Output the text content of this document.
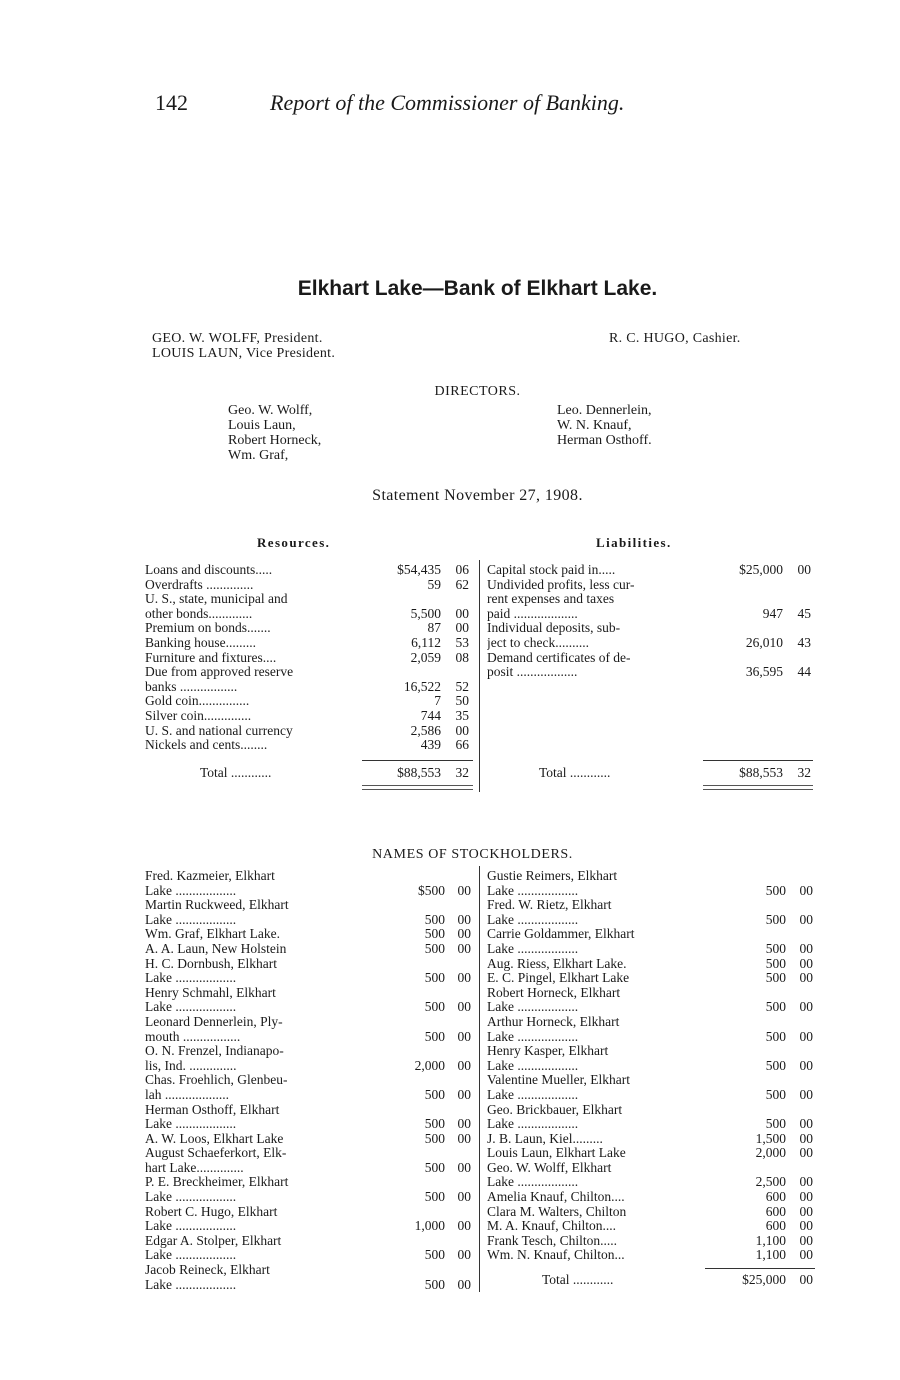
142	Report of the Commissioner of Banking.
Elkhart Lake—Bank of Elkhart Lake.
GEO. W. WOLFF, President.
LOUIS LAUN, Vice President.
R. C. HUGO, Cashier.
DIRECTORS.
Geo. W. Wolff,
Louis Laun,
Robert Horneck,
Wm. Graf,
Leo. Dennerlein,
W. N. Knauf,
Herman Osthoff.
Statement November 27, 1908.
Resources.	Liabilities.
Loans and discounts.....	$54,435	06
Overdrafts ..............	59	62
U. S., state, municipal and
other bonds.............	5,500	00
Premium on bonds.......	87	00
Banking house.........	6,112	53
Furniture and fixtures....	2,059	08
Due from approved reserve
banks .................	16,522	52
Gold coin...............	7	50
Silver coin..............	744	35
U. S. and national currency	2,586	00
Nickels and cents........	439	66
Capital stock paid in.....	$25,000	00
Undivided profits, less cur-
rent expenses and taxes
paid ...................	947	45
Individual deposits, sub-
ject to check..........	26,010	43
Demand certificates of de-
posit ..................	36,595	44
Total ............	$88,553	32	Total ............	$88,553	32
NAMES OF STOCKHOLDERS.
Fred. Kazmeier, Elkhart
Lake ..................	$500 00
Martin Ruckweed, Elkhart
Lake ..................	500 00
Wm. Graf, Elkhart Lake.	500 00
A. A. Laun, New Holstein	500 00
H. C. Dornbush, Elkhart
Lake ..................	500 00
Henry Schmahl, Elkhart
Lake ..................	500 00
Leonard Dennerlein, Ply-
mouth .................	500 00
O. N. Frenzel, Indianapo-
lis, Ind. ..............	2,000 00
Chas. Froehlich, Glenbeu-
lah ...................	500 00
Herman Osthoff, Elkhart
Lake ..................	500 00
A. W. Loos, Elkhart Lake	500 00
August Schaeferkort, Elk-
hart Lake..............	500 00
P. E. Breckheimer, Elkhart
Lake ..................	500 00
Robert C. Hugo, Elkhart
Lake ..................	1,000 00
Edgar A. Stolper, Elkhart
Lake ..................	500 00
Jacob Reineck, Elkhart
Lake ..................	500 00
Gustie Reimers, Elkhart
Lake ..................	500	00
Fred. W. Rietz, Elkhart
Lake ..................	500	00
Carrie Goldammer, Elkhart
Lake ..................	500	00
Aug. Riess, Elkhart Lake.	500	00
E. C. Pingel, Elkhart Lake	500	00
Robert Horneck, Elkhart
Lake ..................	500	00
Arthur Horneck, Elkhart
Lake ..................	500	00
Henry Kasper, Elkhart
Lake ..................	500	00
Valentine Mueller, Elkhart
Lake ..................	500	00
Geo. Brickbauer, Elkhart
Lake ..................	500	00
J. B. Laun, Kiel.........	1,500	00
Louis Laun, Elkhart Lake	2,000	00
Geo. W. Wolff, Elkhart
Lake ..................	2,500	00
Amelia Knauf, Chilton....	600	00
Clara M. Walters, Chilton	600	00
M. A. Knauf, Chilton....	600	00
Frank Tesch, Chilton.....	1,100	00
Wm. N. Knauf, Chilton...	1,100	00
Total ............	$25,000	00
